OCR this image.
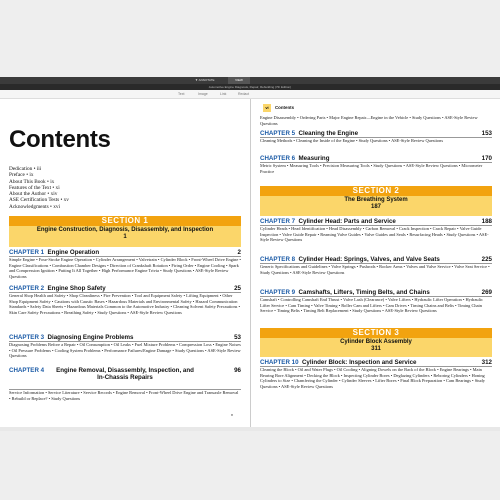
▼ ANNOTATE	VIEW
Automotive Engine Diagnosis, Repair, Rebuilding (7th Edition)
Text	Image	Link	Redact
Contents
Dedication • iii
Preface • ix
About This Book • ix
Features of the Text • xi
About the Author • xiv
ASE Certification Tests • xv
Acknowledgments • xvi
SECTION 1
Engine Construction, Diagnosis, Disassembly, and Inspection
1
CHAPTER 1 Engine Operation	2
Simple Engine • Four-Stroke Engine Operation • Cylinder Arrangement • Valvetrain • Cylinder Block • Front-Wheel Drive Engine • Engine Classifications • Combustion Chamber Designs • Direction of Crankshaft Rotation • Firing Order • Engine Cooling • Spark and Compression Ignition • Putting It All Together • High Performance Engine Trivia • Study Questions • ASE-Style Review Questions
CHAPTER 2 Engine Shop Safety	25
General Shop Health and Safety • Shop Cleanliness • Fire Prevention • Tool and Equipment Safety • Lifting Equipment • Other Shop Equipment Safety • Cautions with Caustic Bases • Hazardous Materials and Environmental Safety • Hazard Communication Standards • Safety Data Sheets • Hazardous Materials Common to the Automotive Industry • Cleaning Solvent Safety Precautions • Skin Care Safety Precautions • Breathing Safety • Study Questions • ASE-Style Review Questions
CHAPTER 3 Diagnosing Engine Problems	53
Diagnosing Problems Before a Repair • Oil Consumption • Oil Leaks • Fuel Mixture Problems • Compression Loss • Engine Noises • Oil Pressure Problems • Cooling System Problems • Performance Failures/Engine Damage • Study Questions • ASE-Style Review Questions
CHAPTER 4	96
Engine Removal, Disassembly, Inspection, and In-Chassis Repairs
Service Information • Service Literature • Service Records • Engine Removal • Front-Wheel Drive Engine and Transaxle Removal • Rebuild or Replace? • Study Questions
v
vi	Contents
Engine Disassembly • Ordering Parts • Major Engine Repair—Engine in the Vehicle • Study Questions • ASE-Style Review Questions
CHAPTER 5 Cleaning the Engine	153
Cleaning Methods • Cleaning the Inside of the Engine • Study Questions • ASE-Style Review Questions
CHAPTER 6 Measuring	170
Metric System • Measuring Tools • Precision Measuring Tools • Study Questions • ASE-Style Review Questions • Micrometer Practice
SECTION 2
The Breathing System
187
CHAPTER 7 Cylinder Head: Parts and Service	188
Cylinder Heads • Head Identification • Head Disassembly • Carbon Removal • Crack Inspection • Crack Repair • Valve Guide Inspection • Valve Guide Repair • Reaming Valve Guides • Valve Guides and Seals • Resurfacing Heads • Study Questions • ASE-Style Review Questions
CHAPTER 8 Cylinder Head: Springs, Valves, and Valve Seats	225
Generic Specifications and Guidelines • Valve Springs • Pushrods • Rocker Arms • Valves and Valve Service • Valve Seat Service • Study Questions • ASE-Style Review Questions
CHAPTER 9 Camshafts, Lifters, Timing Belts, and Chains	269
Camshaft • Controlling Camshaft End Thrust • Valve Lash (Clearance) • Valve Lifters • Hydraulic Lifter Operation • Hydraulic Lifter Service • Cam Timing • Valve Timing • Roller Cam and Lifters • Cam Drives • Timing Chains and Belts • Timing Chain Service • Timing Belts • Timing Belt Replacement • Study Questions • ASE-Style Review Questions
SECTION 3
Cylinder Block Assembly
311
CHAPTER 10 Cylinder Block: Inspection and Service	312
Cleaning the Block • Oil and Water Plugs • Oil Cooling • Aligning Dowels on the Back of the Block • Engine Bearings • Main Bearing Bore Alignment • Decking the Block • Inspecting Cylinder Bores • Deglazing Cylinders • Reboring Cylinders • Honing Cylinders to Size • Chamfering the Cylinder • Cylinder Sleeves • Lifter Bores • Final Block Preparation • Cam Bearings • Study Questions • ASE-Style Review Questions
